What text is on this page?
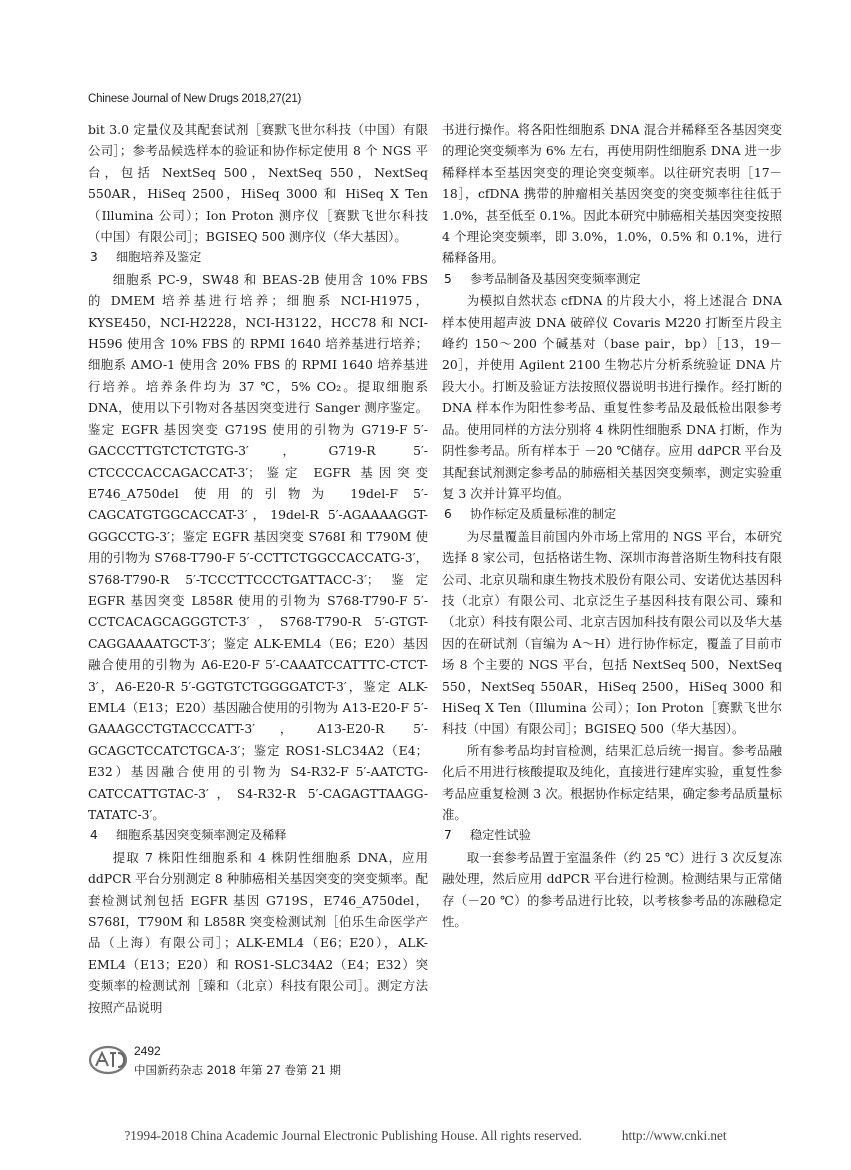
Chinese Journal of New Drugs 2018,27(21)

bit 3.0 定量仪及其配套试剂［赛默飞世尔科技（中国）有限公司］；参考品候选样本的验证和协作标定使用 8 个 NGS 平台，包括 NextSeq 500，NextSeq 550，NextSeq 550AR，HiSeq 2500，HiSeq 3000 和 HiSeq X Ten（Illumina 公司）；Ion Proton 测序仪［赛默飞世尔科技（中国）有限公司］；BGISEQ 500 测序仪（华大基因）。

3 细胞培养及鉴定

细胞系 PC-9，SW48 和 BEAS-2B 使用含 10% FBS 的 DMEM 培养基进行培养；细胞系 NCI-H1975，KYSE450，NCI-H2228，NCI-H3122，HCC78 和 NCI-H596 使用含 10% FBS 的 RPMI 1640 培养基进行培养；细胞系 AMO-1 使用含 20% FBS 的 RPMI 1640 培养基进行培养。培养条件均为 37 ℃，5% CO₂。提取细胞系 DNA，使用以下引物对各基因突变进行 Sanger 测序鉴定。鉴定 EGFR 基因突变 G719S 使用的引物为 G719-F 5′-GACCCTTGTCTCTGTG-3′，G719-R 5′-CTCCCCACCAGACCAT-3′；鉴定 EGFR 基因突变 E746_A750del 使用的引物为 19del-F 5′-CAGCATGTGGCACCAT-3′，19del-R 5′-AGAAAAGGT-GGGCCTG-3′；鉴定 EGFR 基因突变 S768I 和 T790M 使用的引物为 S768-T790-F 5′-CCTTCTGGCCACCATG-3′，S768-T790-R 5′-TCCCTTCCCTGATTACC-3′；鉴定 EGFR 基因突变 L858R 使用的引物为 S768-T790-F 5′-CCTCACAGCAGGGTCT-3′，S768-T790-R 5′-GTGT-CAGGAAAATGCT-3′；鉴定 ALK-EML4（E6；E20）基因融合使用的引物为 A6-E20-F 5′-CAAATCCATTTC-CTCT-3′，A6-E20-R 5′-GGTGTCTGGGGATCT-3′，鉴定 ALK-EML4（E13；E20）基因融合使用的引物为 A13-E20-F 5′-GAAAGCCTGTACCCATT-3′，A13-E20-R 5′-GCAGCTCCATCTGCA-3′；鉴定 ROS1-SLC34A2（E4；E32）基因融合使用的引物为 S4-R32-F 5′-AATCTG-CATCCATTGTAC-3′，S4-R32-R 5′-CAGAGTTAAGG-TATATC-3′。

4 细胞系基因突变频率测定及稀释

提取 7 株阳性细胞系和 4 株阴性细胞系 DNA，应用 ddPCR 平台分别测定 8 种肺癌相关基因突变的突变频率。配套检测试剂包括 EGFR 基因 G719S，E746_A750del，S768I，T790M 和 L858R 突变检测试剂［伯乐生命医学产品（上海）有限公司］；ALK-EML4（E6；E20），ALK-EML4（E13；E20）和 ROS1-SLC34A2（E4；E32）突变频率的检测试剂［臻和（北京）科技有限公司］。测定方法按照产品说明

书进行操作。将各阳性细胞系 DNA 混合并稀释至各基因突变的理论突变频率为 6% 左右，再使用阴性细胞系 DNA 进一步稀释样本至基因突变的理论突变频率。以往研究表明［17－18］，cfDNA 携带的肿瘤相关基因突变的突变频率往往低于 1.0%，甚至低至 0.1%。因此本研究中肺癌相关基因突变按照 4 个理论突变频率，即 3.0%，1.0%，0.5% 和 0.1%，进行稀释备用。

5 参考品制备及基因突变频率测定

为模拟自然状态 cfDNA 的片段大小，将上述混合 DNA 样本使用超声波 DNA 破碎仪 Covaris M220 打断至片段主峰约 150～200 个碱基对（base pair，bp）［13，19－20］，并使用 Agilent 2100 生物芯片分析系统验证 DNA 片段大小。打断及验证方法按照仪器说明书进行操作。经打断的 DNA 样本作为阳性参考品、重复性参考品及最低检出限参考品。使用同样的方法分别将 4 株阴性细胞系 DNA 打断，作为阴性参考品。所有样本于 －20 ℃储存。应用 ddPCR 平台及其配套试剂测定参考品的肺癌相关基因突变频率，测定实验重复 3 次并计算平均值。

6 协作标定及质量标准的制定

为尽量覆盖目前国内外市场上常用的 NGS 平台，本研究选择 8 家公司，包括格诺生物、深圳市海普洛斯生物科技有限公司、北京贝瑞和康生物技术股份有限公司、安诺优达基因科技（北京）有限公司、北京泛生子基因科技有限公司、臻和（北京）科技有限公司、北京吉因加科技有限公司以及华大基因的在研试剂（盲编为 A～H）进行协作标定，覆盖了目前市场 8 个主要的 NGS 平台，包括 NextSeq 500，NextSeq 550，NextSeq 550AR，HiSeq 2500，HiSeq 3000 和 HiSeq X Ten（Illumina 公司）；Ion Proton［赛默飞世尔科技（中国）有限公司］；BGISEQ 500（华大基因）。

所有参考品均封盲检测，结果汇总后统一揭盲。参考品融化后不用进行核酸提取及纯化，直接进行建库实验，重复性参考品应重复检测 3 次。根据协作标定结果，确定参考品质量标准。

7 稳定性试验

取一套参考品置于室温条件（约 25 ℃）进行 3 次反复冻融处理，然后应用 ddPCR 平台进行检测。检测结果与正常储存（－20 ℃）的参考品进行比较，以考核参考品的冻融稳定性。

2492
中国新药杂志 2018 年第 27 卷第 21 期
?1994-2018 China Academic Journal Electronic Publishing House. All rights reserved.	http://www.cnki.net
